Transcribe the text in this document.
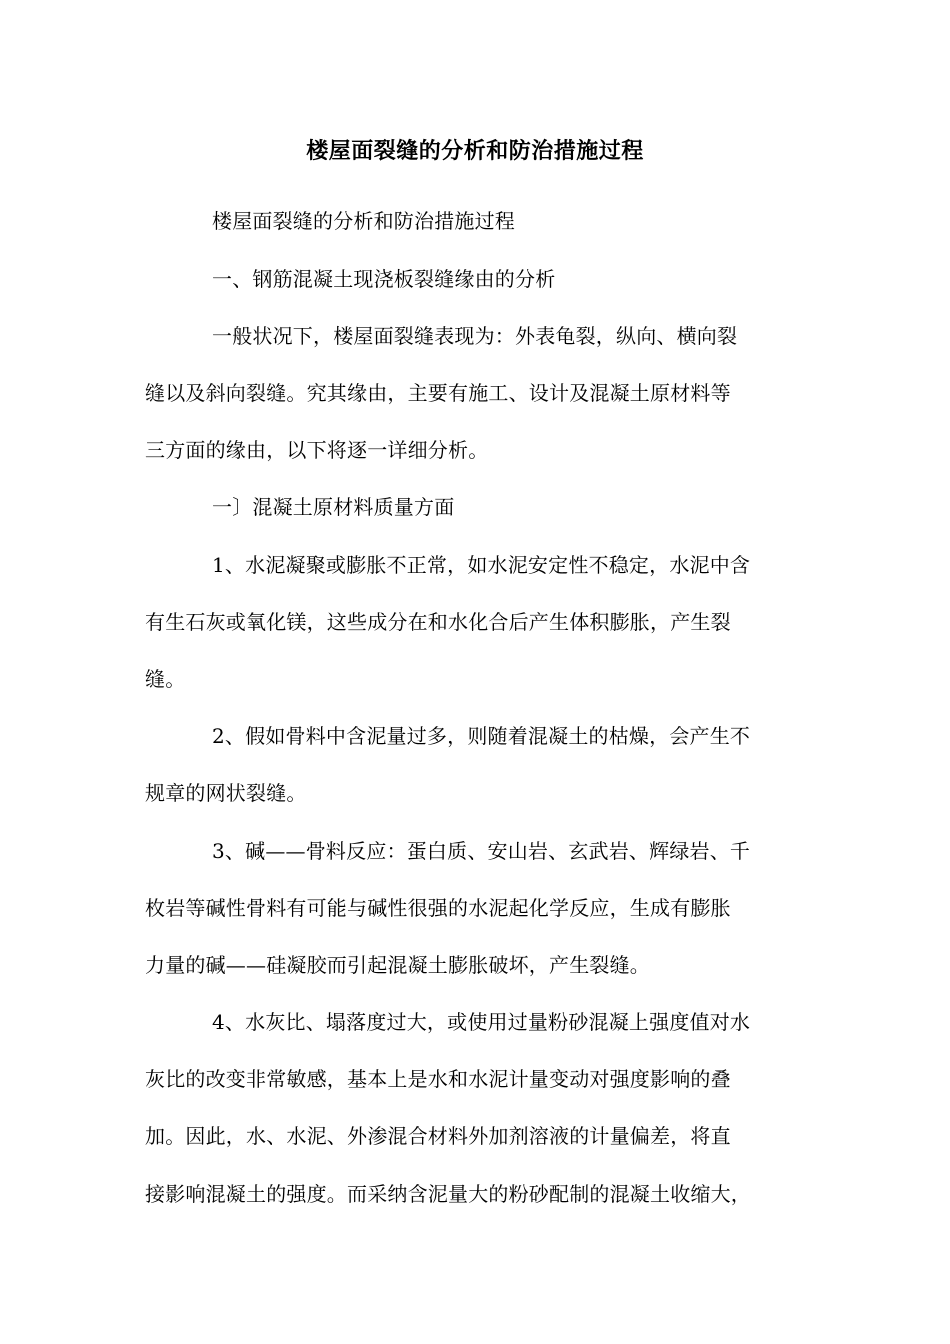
楼屋面裂缝的分析和防治措施过程
楼屋面裂缝的分析和防治措施过程
一、钢筋混凝土现浇板裂缝缘由的分析
一般状况下，楼屋面裂缝表现为：外表龟裂，纵向、横向裂
缝以及斜向裂缝。究其缘由，主要有施工、设计及混凝土原材料等
三方面的缘由，以下将逐一详细分析。
一〕混凝土原材料质量方面
1、水泥凝聚或膨胀不正常，如水泥安定性不稳定，水泥中含
有生石灰或氧化镁，这些成分在和水化合后产生体积膨胀，产生裂
缝。
2、假如骨料中含泥量过多，则随着混凝土的枯燥，会产生不
规章的网状裂缝。
3、碱——骨料反应：蛋白质、安山岩、玄武岩、辉绿岩、千
枚岩等碱性骨料有可能与碱性很强的水泥起化学反应，生成有膨胀
力量的碱——硅凝胶而引起混凝土膨胀破坏，产生裂缝。
4、水灰比、塌落度过大，或使用过量粉砂混凝上强度值对水
灰比的改变非常敏感，基本上是水和水泥计量变动对强度影响的叠
加。因此，水、水泥、外渗混合材料外加剂溶液的计量偏差，将直
接影响混凝土的强度。而采纳含泥量大的粉砂配制的混凝土收缩大，
